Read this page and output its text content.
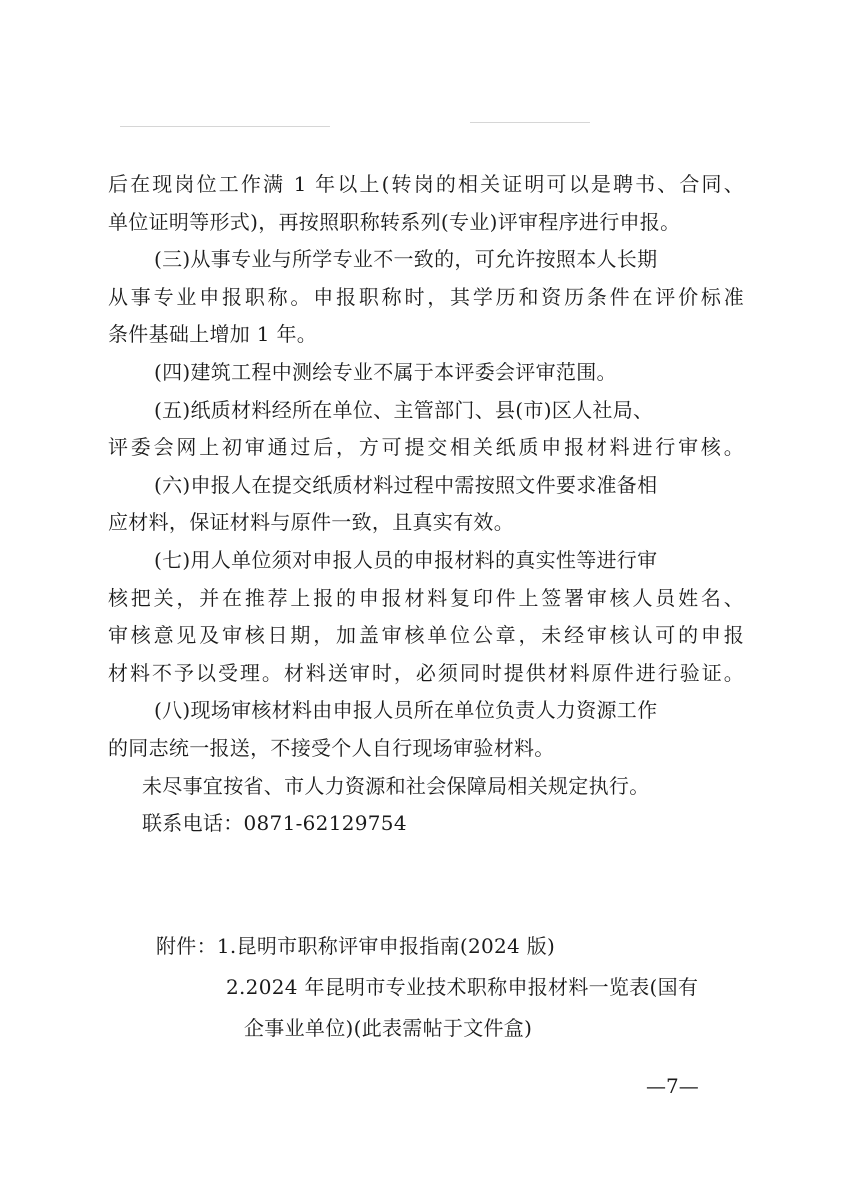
后在现岗位工作满 1 年以上(转岗的相关证明可以是聘书、合同、
单位证明等形式)，再按照职称转系列(专业)评审程序进行申报。
(三)从事专业与所学专业不一致的，可允许按照本人长期
从事专业申报职称。申报职称时，其学历和资历条件在评价标准
条件基础上增加 1 年。
(四)建筑工程中测绘专业不属于本评委会评审范围。
(五)纸质材料经所在单位、主管部门、县(市)区人社局、
评委会网上初审通过后，方可提交相关纸质申报材料进行审核。
(六)申报人在提交纸质材料过程中需按照文件要求准备相
应材料，保证材料与原件一致，且真实有效。
(七)用人单位须对申报人员的申报材料的真实性等进行审
核把关，并在推荐上报的申报材料复印件上签署审核人员姓名、
审核意见及审核日期，加盖审核单位公章，未经审核认可的申报
材料不予以受理。材料送审时，必须同时提供材料原件进行验证。
(八)现场审核材料由申报人员所在单位负责人力资源工作
的同志统一报送，不接受个人自行现场审验材料。
未尽事宜按省、市人力资源和社会保障局相关规定执行。
联系电话：0871-62129754
附件：1.昆明市职称评审申报指南(2024 版)
2.2024 年昆明市专业技术职称申报材料一览表(国有
企事业单位)(此表需帖于文件盒)
—7—
